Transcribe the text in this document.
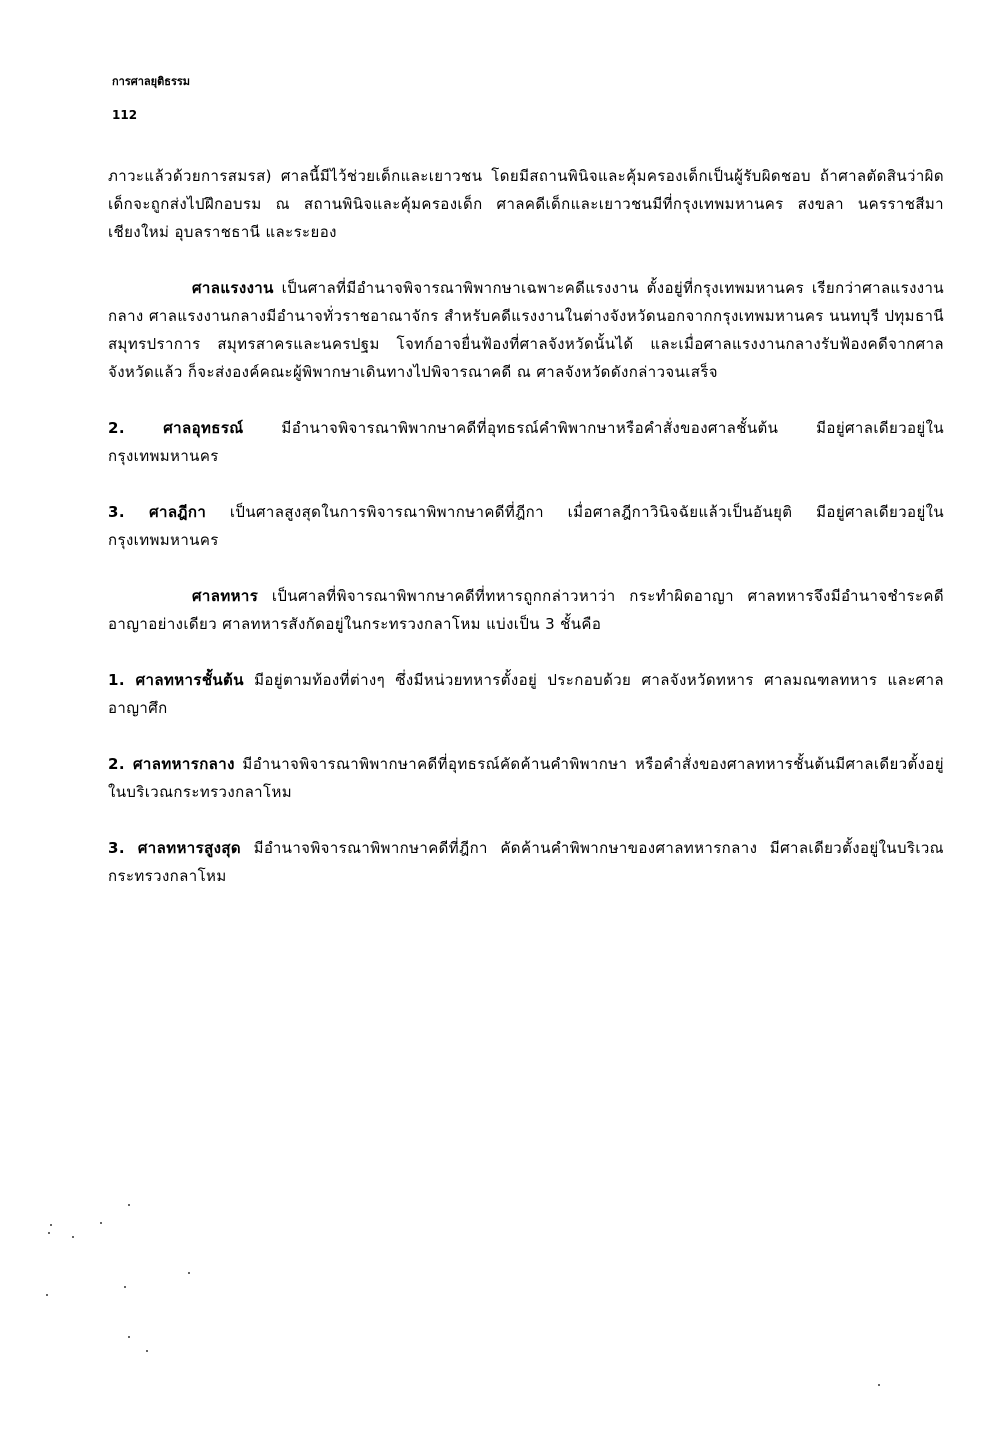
การศาลยุติธรรม
112

ภาวะแล้วด้วยการสมรส) ศาลนี้มีไว้ช่วยเด็กและเยาวชน โดยมีสถานพินิจและคุ้มครองเด็กเป็นผู้รับผิดชอบ ถ้าศาลตัดสินว่าผิด เด็กจะถูกส่งไปฝึกอบรม ณ สถานพินิจและคุ้มครองเด็ก ศาลคดีเด็กและเยาวชนมีที่กรุงเทพมหานคร สงขลา นครราชสีมา เชียงใหม่ อุบลราชธานี และระยอง

ศาลแรงงาน เป็นศาลที่มีอำนาจพิจารณาพิพากษาเฉพาะคดีแรงงาน ตั้งอยู่ที่กรุงเทพมหานคร เรียกว่าศาลแรงงานกลาง ศาลแรงงานกลางมีอำนาจทั่วราชอาณาจักร สำหรับคดีแรงงานในต่างจังหวัดนอกจากกรุงเทพมหานคร นนทบุรี ปทุมธานี สมุทรปราการ สมุทรสาครและนครปฐม โจทก์อาจยื่นฟ้องที่ศาลจังหวัดนั้นได้ และเมื่อศาลแรงงานกลางรับฟ้องคดีจากศาลจังหวัดแล้ว ก็จะส่งองค์คณะผู้พิพากษาเดินทางไปพิจารณาคดี ณ ศาลจังหวัดดังกล่าวจนเสร็จ

2. ศาลอุทธรณ์ มีอำนาจพิจารณาพิพากษาคดีที่อุทธรณ์คำพิพากษาหรือคำสั่งของศาลชั้นต้น มีอยู่ศาลเดียวอยู่ในกรุงเทพมหานคร

3. ศาลฎีกา เป็นศาลสูงสุดในการพิจารณาพิพากษาคดีที่ฎีกา เมื่อศาลฎีกาวินิจฉัยแล้วเป็นอันยุติ มีอยู่ศาลเดียวอยู่ในกรุงเทพมหานคร

ศาลทหาร เป็นศาลที่พิจารณาพิพากษาคดีที่ทหารถูกกล่าวหาว่า กระทำผิดอาญา ศาลทหารจึงมีอำนาจชำระคดีอาญาอย่างเดียว ศาลทหารสังกัดอยู่ในกระทรวงกลาโหม แบ่งเป็น 3 ชั้นคือ

1. ศาลทหารชั้นต้น มีอยู่ตามท้องที่ต่างๆ ซึ่งมีหน่วยทหารตั้งอยู่ ประกอบด้วย ศาลจังหวัดทหาร ศาลมณฑลทหาร และศาลอาญาศึก

2. ศาลทหารกลาง มีอำนาจพิจารณาพิพากษาคดีที่อุทธรณ์คัดค้านคำพิพากษา หรือคำสั่งของศาลทหารชั้นต้นมีศาลเดียวตั้งอยู่ในบริเวณกระทรวงกลาโหม

3. ศาลทหารสูงสุด มีอำนาจพิจารณาพิพากษาคดีที่ฎีกา คัดค้านคำพิพากษาของศาลทหารกลาง มีศาลเดียวตั้งอยู่ในบริเวณกระทรวงกลาโหม
